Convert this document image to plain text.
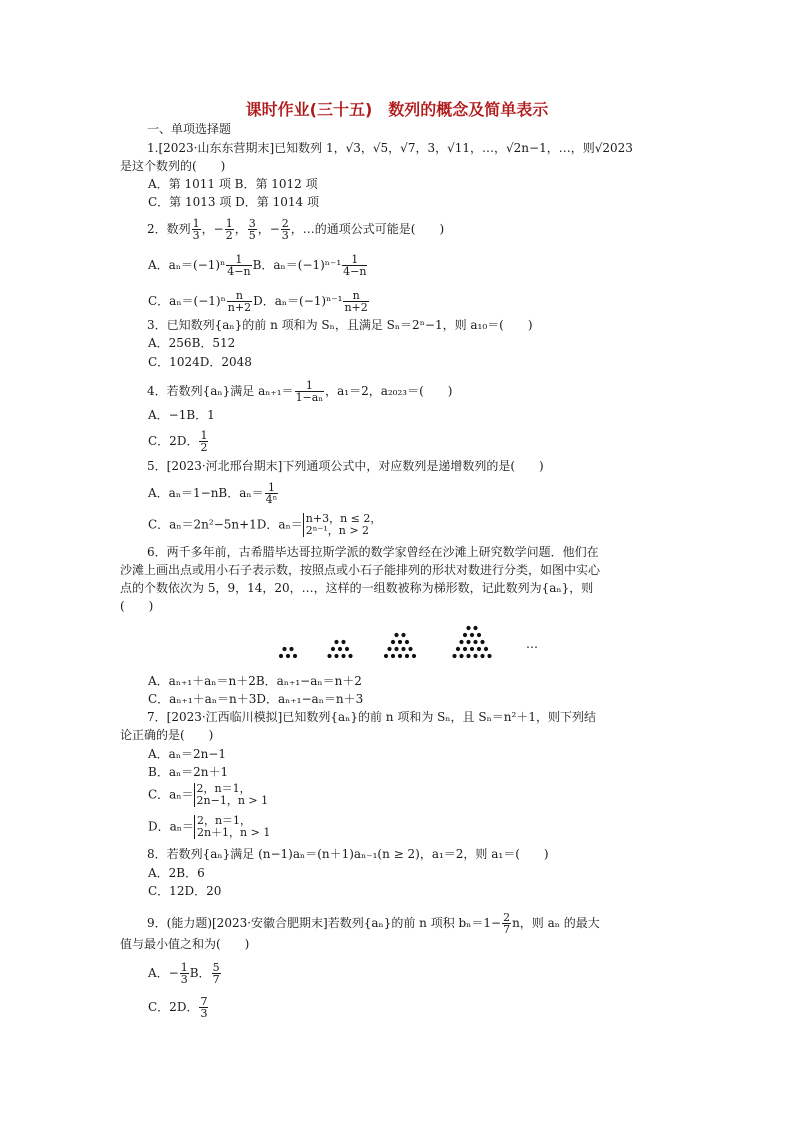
课时作业(三十五)　数列的概念及简单表示
一、单项选择题
1.[2023·山东东营期末]已知数列 1，√3，√5，√7，3，√11，…，√2n−1，…，则√2023
是这个数列的(　　)
A．第 1011 项 B．第 1012 项
C．第 1013 项 D．第 1014 项
2．数列 $\frac{1}{3}$ ，− $\frac{1}{2}$ ， $\frac{3}{5}$ ，− $\frac{2}{3}$ ，…的通项公式可能是(　　)
A．$a_n=(-1)^n \frac{1}{4-n}$ B．$a_n=(-1)^{n-1} \frac{1}{4-n}$
C．$a_n=(-1)^n \frac{n}{n+2}$ D．$a_n=(-1)^{n-1} \frac{n}{n+2}$
3．已知数列{aₙ}的前 n 项和为 Sₙ，且满足 Sₙ＝2ⁿ−1，则 a₁₀＝(　　)
A．256B．512
C．1024D．2048
4．若数列{aₙ}满足 $a_{n+1}= \frac{1}{\text{1−aₙ}}$ ，a₁＝2，a₂₀₂₃＝(　　)
A．−1B．1
C．2D． $\frac{1}{2}$
5．[2023·河北邢台期末]下列通项公式中，对应数列是递增数列的是(　　)
A．aₙ＝1−nB．$a_n= \frac{1}{\text{4ⁿ}}$
C．aₙ＝2n²−5n+1D．aₙ＝ n+3，n ≤ 2，
2ⁿ⁻¹，n > 2
6．两千多年前，古希腊毕达哥拉斯学派的数学家曾经在沙滩上研究数学问题．他们在
沙滩上画出点或用小石子表示数，按照点或小石子能排列的形状对数进行分类，如图中实心
点的个数依次为 5，9，14，20，…，这样的一组数被称为梯形数，记此数列为{aₙ}，则
(　　)
…
A．aₙ₊₁＋aₙ＝n＋2B．aₙ₊₁−aₙ＝n＋2
C．aₙ₊₁＋aₙ＝n＋3D．aₙ₊₁−aₙ＝n＋3
7．[2023·江西临川模拟]已知数列{aₙ}的前 n 项和为 Sₙ，且 Sₙ＝n²＋1，则下列结
论正确的是(　　)
A．aₙ＝2n−1
B．aₙ＝2n＋1
C．aₙ＝ 2，n＝1，
2n−1，n > 1
D．aₙ＝ 2，n＝1，
2n＋1，n > 1
8．若数列{aₙ}满足 (n−1)aₙ＝(n＋1)aₙ₋₁(n ≥ 2)，a₁＝2，则 a₁＝(　　)
A．2B．6
C．12D．20
9．(能力题)[2023·安徽合肥期末]若数列{aₙ}的前 n 项积 $b_n=1- \frac{2}{7}$ n，则 aₙ 的最大
值与最小值之和为(　　)
A．− $\frac{1}{3}$ B． $\frac{5}{7}$
C．2D． $\frac{7}{3}$
